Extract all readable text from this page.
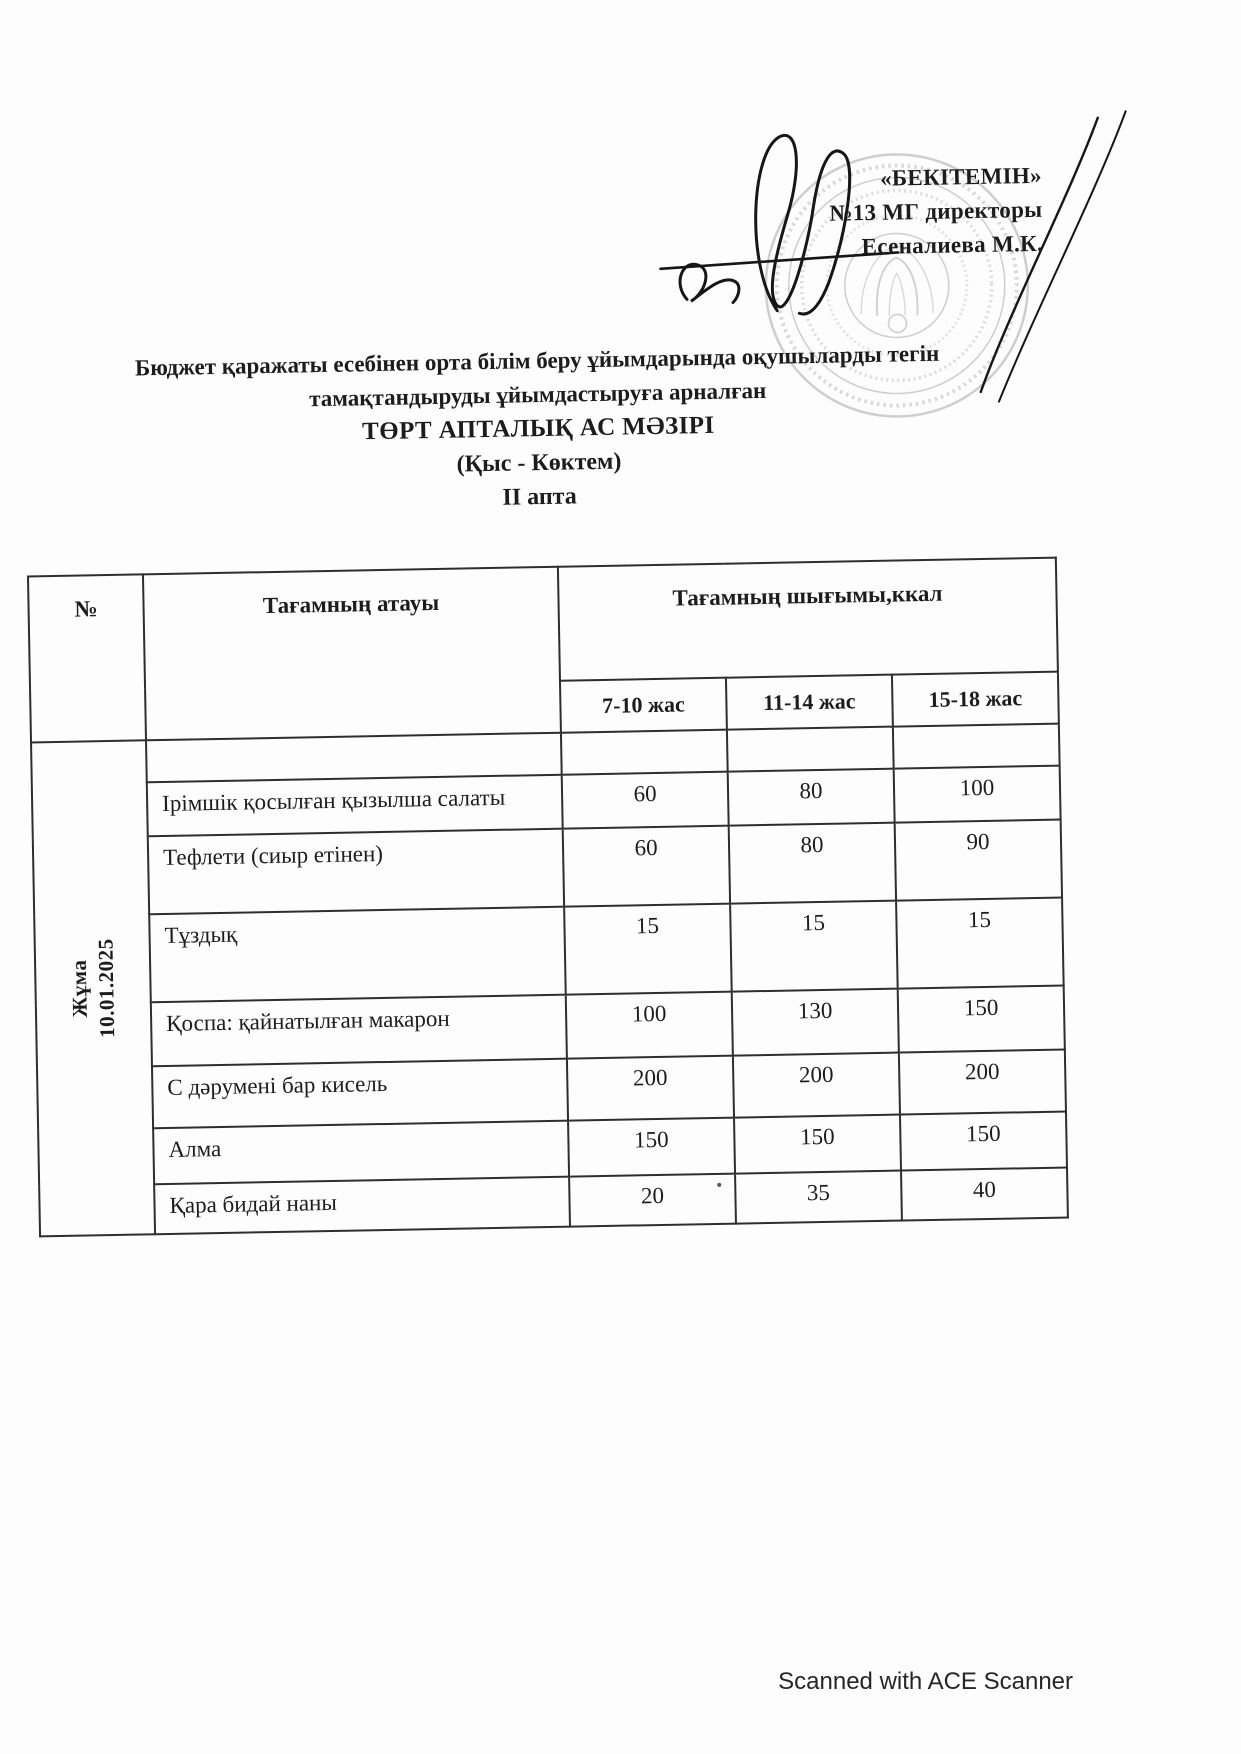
«БЕКІТЕМІН»
№13 МГ директоры
Есеналиева М.К.
Бюджет қаражаты есебінен орта білім беру ұйымдарында оқушыларды тегін
тамақтандыруды ұйымдастыруға арналған
ТӨРТ АПТАЛЫҚ АС МӘЗІРІ
(Қыс - Көктем)
ІІ апта
№	Тағамның атауы	Тағамның шығымы,ккал		
		7-10 жас	11-14 жас	15-18 жас
Жұма
10.01.2025				
	Ірімшік қосылған қызылша салаты	60	80	100
	Тефлети (сиыр етінен)	60	80	90
	Тұздық	15	15	15
	Қоспа: қайнатылған макарон	100	130	150
	С дәрумені бар кисель	200	200	200
	Алма	150	150	150
	Қара бидай наны	20	35	40
Scanned with ACE Scanner
